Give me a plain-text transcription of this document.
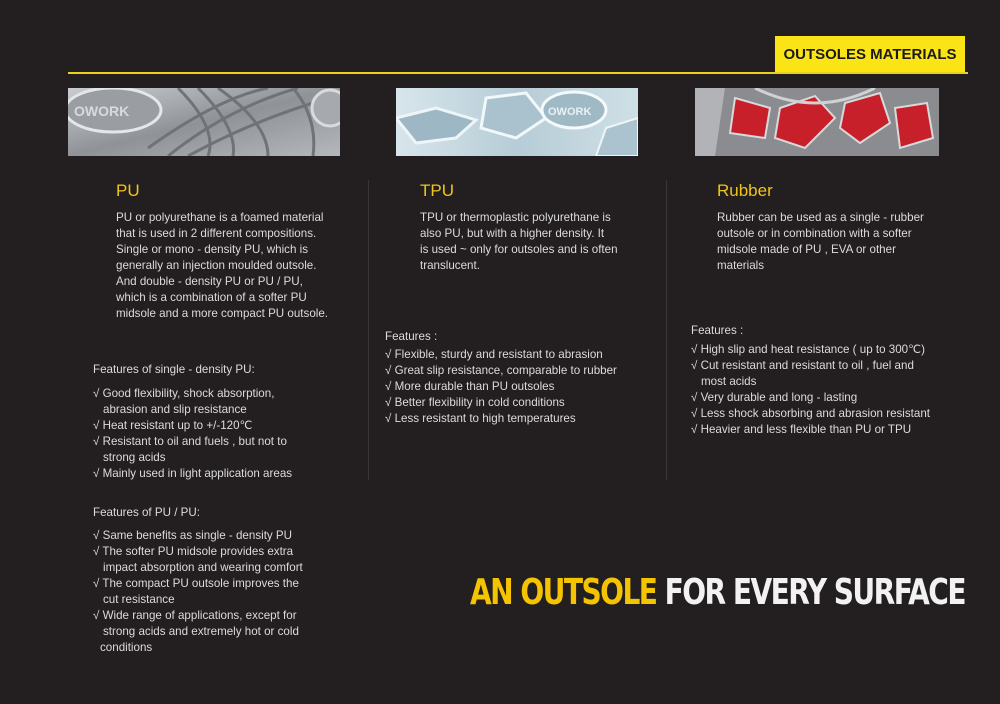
OUTSOLES MATERIALS
OWORK	OWORK
PU
PU or polyurethane is a foamed material
that is used in 2 different compositions.
Single or mono - density PU, which is
generally an injection moulded outsole.
And double - density PU or PU / PU,
which is a combination of a softer PU
midsole and a more compact PU outsole.
Features of single - density PU:
√ Good flexibility, shock absorption,
abrasion and slip resistance
√ Heat resistant up to +/-120℃
√ Resistant to oil and fuels , but not to
strong acids
√ Mainly used in light application areas
Features of PU / PU:
√ Same benefits as single - density PU
√ The softer PU midsole provides extra
impact absorption and wearing comfort
√ The compact PU outsole improves the
cut resistance
√ Wide range of applications, except for
strong acids and extremely hot or cold
conditions
TPU
TPU or thermoplastic polyurethane is
also PU, but with a higher density. It
is used ~ only for outsoles and is often
translucent.
Features :
√ Flexible, sturdy and resistant to abrasion
√ Great slip resistance, comparable to rubber
√ More durable than PU outsoles
√ Better flexibility in cold conditions
√ Less resistant to high temperatures
Rubber
Rubber can be used as a single - rubber
outsole or in combination with a softer
midsole made of PU , EVA or other
materials
Features :
√ High slip and heat resistance ( up to 300℃)
√ Cut resistant and resistant to oil , fuel and
most acids
√ Very durable and long - lasting
√ Less shock absorbing and abrasion resistant
√ Heavier and less flexible than PU or TPU
AN OUTSOLE FOR EVERY SURFACE
